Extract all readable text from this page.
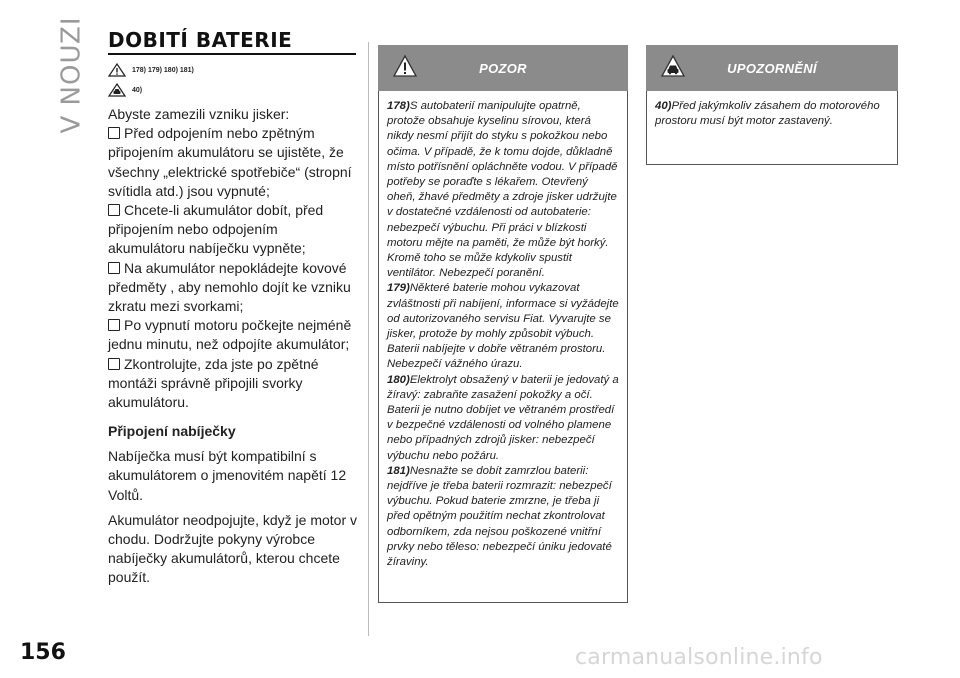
V NOUZI
156
DOBITÍ BATERIE
178) 179) 180) 181)
40)
Abyste zamezili vzniku jisker:
Před odpojením nebo zpětným připojením akumulátoru se ujistěte, že všechny „elektrické spotřebiče“ (stropní svítidla atd.) jsou vypnuté;
Chcete-li akumulátor dobít, před připojením nebo odpojením akumulátoru nabíječku vypněte;
Na akumulátor nepokládejte kovové předměty , aby nemohlo dojít ke vzniku zkratu mezi svorkami;
Po vypnutí motoru počkejte nejméně jednu minutu, než odpojíte akumulátor;
Zkontrolujte, zda jste po zpětné montáži správně připojili svorky akumulátoru.
Připojení nabíječky
Nabíječka musí být kompatibilní s akumulátorem o jmenovitém napětí 12 Voltů.
Akumulátor neodpojujte, když je motor v chodu. Dodržujte pokyny výrobce nabíječky akumulátorů, kterou chcete použít.
POZOR
178)S autobaterií manipulujte opatrně, protože obsahuje kyselinu sírovou, která nikdy nesmí přijít do styku s pokožkou nebo očima. V případě, že k tomu dojde, důkladně místo potřísnění opláchněte vodou. V případě potřeby se poraďte s lékařem. Otevřený oheň, žhavé předměty a zdroje jisker udržujte v dostatečné vzdálenosti od autobaterie: nebezpečí výbuchu. Při práci v blízkosti motoru mějte na paměti, že může být horký. Kromě toho se může kdykoliv spustit ventilátor. Nebezpečí poranění.
179)Některé baterie mohou vykazovat zvláštnosti při nabíjení, informace si vyžádejte od autorizovaného servisu Fiat. Vyvarujte se jisker, protože by mohly způsobit výbuch. Baterii nabíjejte v dobře větraném prostoru. Nebezpečí vážného úrazu.
180)Elektrolyt obsažený v baterii je jedovatý a žíravý: zabraňte zasažení pokožky a očí. Baterii je nutno dobíjet ve větraném prostředí v bezpečné vzdálenosti od volného plamene nebo případných zdrojů jisker: nebezpečí výbuchu nebo požáru.
181)Nesnažte se dobít zamrzlou baterii: nejdříve je třeba baterii rozmrazit: nebezpečí výbuchu. Pokud baterie zmrzne, je třeba ji před opětným použitím nechat zkontrolovat odborníkem, zda nejsou poškozené vnitřní prvky nebo těleso: nebezpečí úniku jedovaté žíraviny.
UPOZORNĚNÍ
40)Před jakýmkoliv zásahem do motorového prostoru musí být motor zastavený.
carmanualsonline.info
